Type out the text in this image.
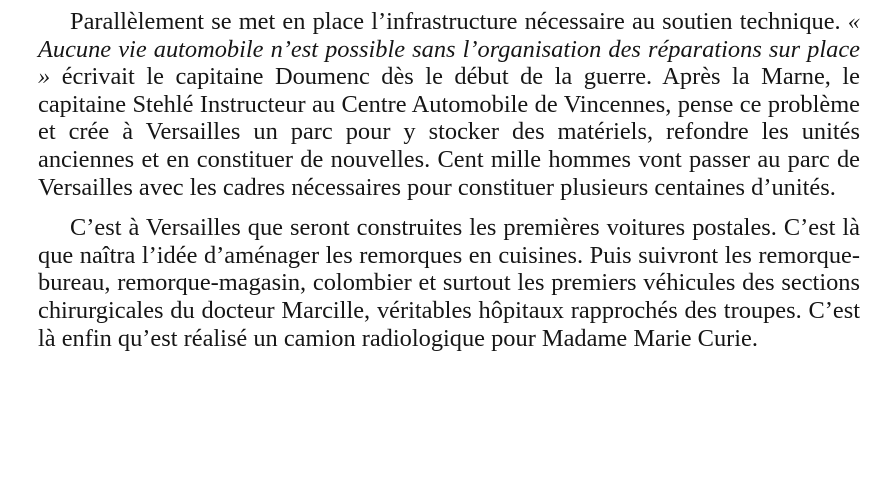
Parallèlement se met en place l’infrastructure nécessaire au soutien technique. « Aucune vie automobile n’est possible sans l’organisation des réparations sur place » écrivait le capitaine Doumenc dès le début de la guerre. Après la Marne, le capitaine Stehlé Instructeur au Centre Automobile de Vincennes, pense ce problème et crée à Versailles un parc pour y stocker des matériels, refondre les unités anciennes et en constituer de nouvelles. Cent mille hommes vont passer au parc de Versailles avec les cadres nécessaires pour constituer plusieurs centaines d’unités.

C’est à Versailles que seront construites les premières voitures postales. C’est là que naîtra l’idée d’aménager les remorques en cuisines. Puis suivront les remorque-bureau, remorque-magasin, colombier et surtout les premiers véhicules des sections chirurgicales du docteur Marcille, véritables hôpitaux rapprochés des troupes. C’est là enfin qu’est réalisé un camion radiologique pour Madame Marie Curie.
